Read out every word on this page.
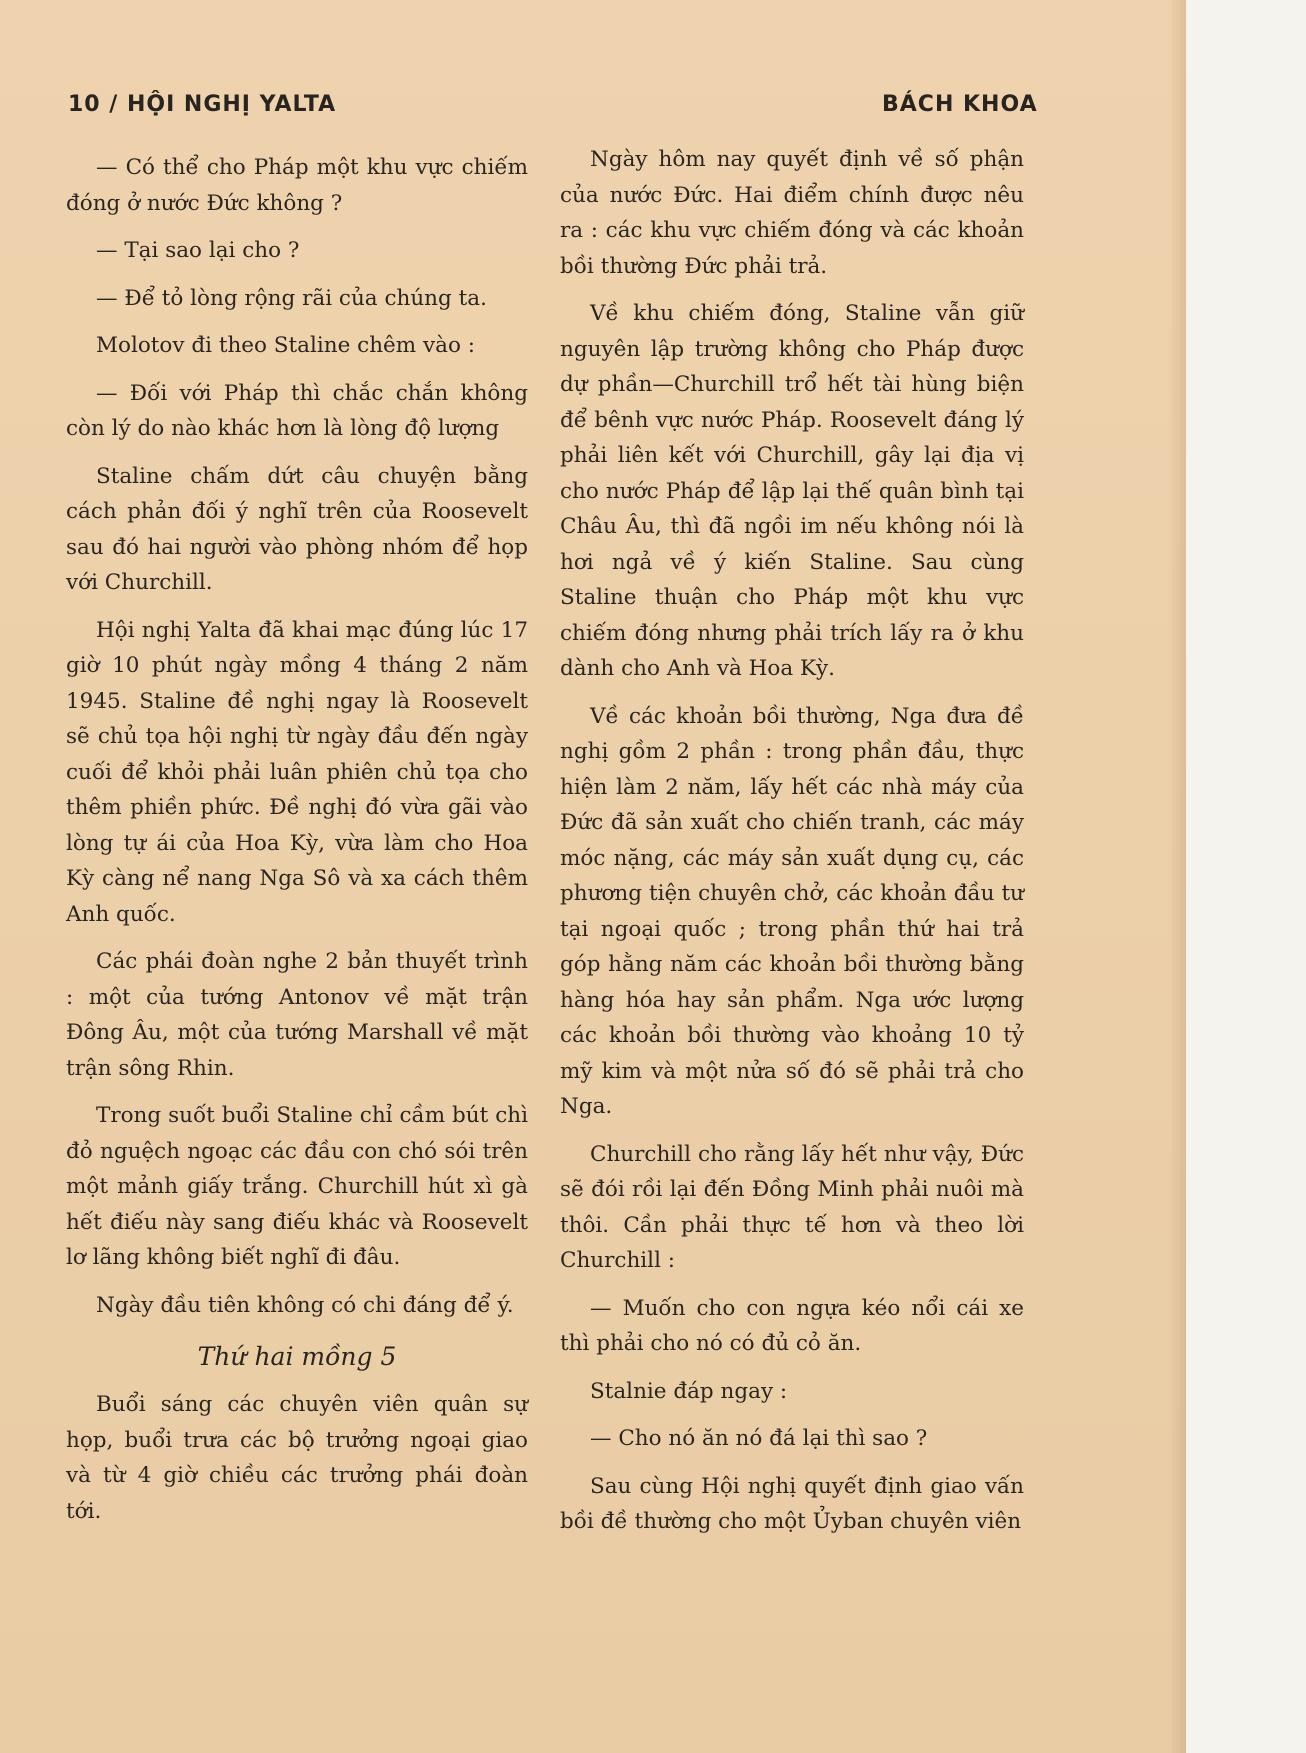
10 / HỘI NGHỊ YALTA	BÁCH KHOA

— Có thể cho Pháp một khu vực chiếm đóng ở nước Đức không ?

— Tại sao lại cho ?

— Để tỏ lòng rộng rãi của chúng ta.

Molotov đi theo Staline chêm vào :

— Đối với Pháp thì chắc chắn không còn lý do nào khác hơn là lòng độ lượng

Staline chấm dứt câu chuyện bằng cách phản đối ý nghĩ trên của Roosevelt sau đó hai người vào phòng nhóm để họp với Churchill.

Hội nghị Yalta đã khai mạc đúng lúc 17 giờ 10 phút ngày mồng 4 tháng 2 năm 1945. Staline đề nghị ngay là Roosevelt sẽ chủ tọa hội nghị từ ngày đầu đến ngày cuối để khỏi phải luân phiên chủ tọa cho thêm phiền phức. Đề nghị đó vừa gãi vào lòng tự ái của Hoa Kỳ, vừa làm cho Hoa Kỳ càng nể nang Nga Sô và xa cách thêm Anh quốc.

Các phái đoàn nghe 2 bản thuyết trình : một của tướng Antonov về mặt trận Đông Âu, một của tướng Marshall về mặt trận sông Rhin.

Trong suốt buổi Staline chỉ cầm bút chì đỏ nguệch ngoạc các đầu con chó sói trên một mảnh giấy trắng. Churchill hút xì gà hết điếu này sang điếu khác và Roosevelt lơ lãng không biết nghĩ đi đâu.

Ngày đầu tiên không có chi đáng để ý.

Thứ hai mồng 5

Buổi sáng các chuyên viên quân sự họp, buổi trưa các bộ trưởng ngoại giao và từ 4 giờ chiều các trưởng phái đoàn tới.

Ngày hôm nay quyết định về số phận của nước Đức. Hai điểm chính được nêu ra : các khu vực chiếm đóng và các khoản bồi thường Đức phải trả.

Về khu chiếm đóng, Staline vẫn giữ nguyên lập trường không cho Pháp được dự phần—Churchill trổ hết tài hùng biện để bênh vực nước Pháp. Roosevelt đáng lý phải liên kết với Churchill, gây lại địa vị cho nước Pháp để lập lại thế quân bình tại Châu Âu, thì đã ngồi im nếu không nói là hơi ngả về ý kiến Staline. Sau cùng Staline thuận cho Pháp một khu vực chiếm đóng nhưng phải trích lấy ra ở khu dành cho Anh và Hoa Kỳ.

Về các khoản bồi thường, Nga đưa đề nghị gồm 2 phần : trong phần đầu, thực hiện làm 2 năm, lấy hết các nhà máy của Đức đã sản xuất cho chiến tranh, các máy móc nặng, các máy sản xuất dụng cụ, các phương tiện chuyên chở, các khoản đầu tư tại ngoại quốc ; trong phần thứ hai trả góp hằng năm các khoản bồi thường bằng hàng hóa hay sản phẩm. Nga ước lượng các khoản bồi thường vào khoảng 10 tỷ mỹ kim và một nửa số đó sẽ phải trả cho Nga.

Churchill cho rằng lấy hết như vậy, Đức sẽ đói rồi lại đến Đồng Minh phải nuôi mà thôi. Cần phải thực tế hơn và theo lời Churchill :

— Muốn cho con ngựa kéo nổi cái xe thì phải cho nó có đủ cỏ ăn.

Stalnie đáp ngay :

— Cho nó ăn nó đá lại thì sao ?

Sau cùng Hội nghị quyết định giao vấn bồi đề thường cho một Ủyban chuyên viên
